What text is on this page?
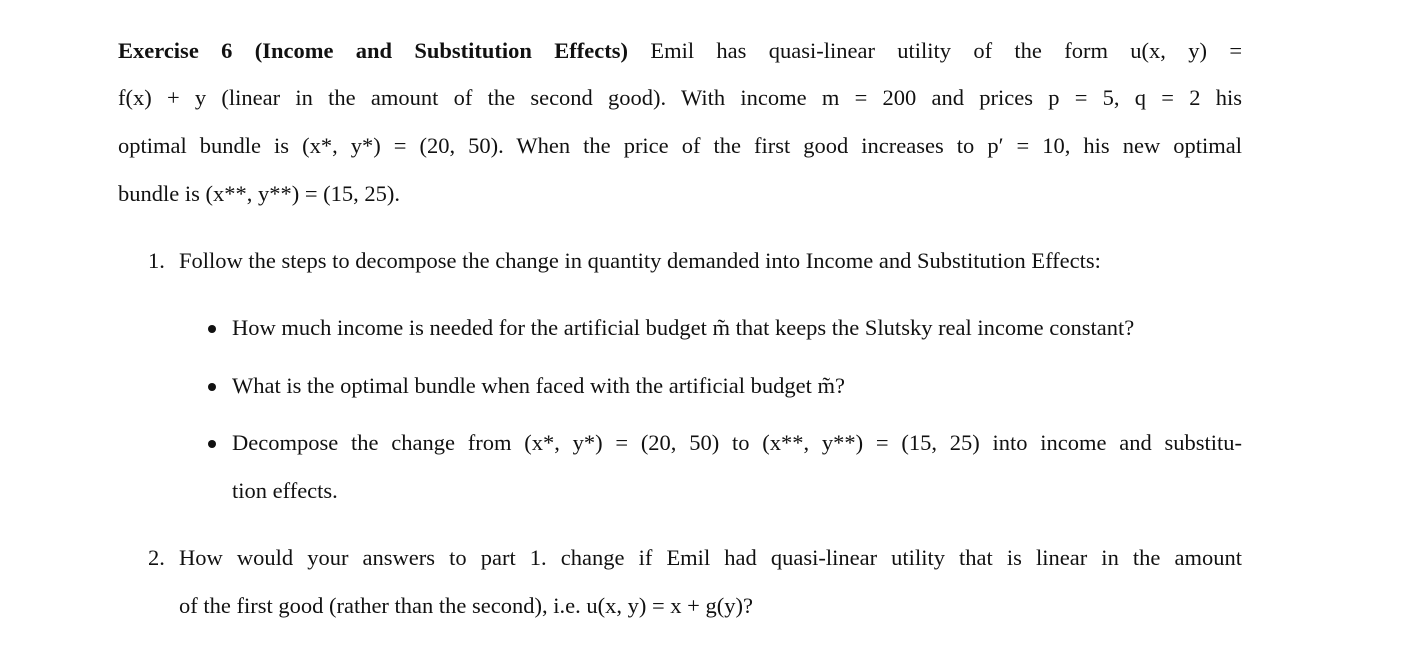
Exercise 6 (Income and Substitution Effects) Emil has quasi-linear utility of the form u(x, y) =
f(x) + y (linear in the amount of the second good). With income m = 200 and prices p = 5, q = 2 his
optimal bundle is (x*, y*) = (20, 50). When the price of the first good increases to p′ = 10, his new optimal
bundle is (x**, y**) = (15, 25).
1. Follow the steps to decompose the change in quantity demanded into Income and Substitution Effects:
How much income is needed for the artificial budget m̃ that keeps the Slutsky real income constant?
What is the optimal bundle when faced with the artificial budget m̃?
Decompose the change from (x*, y*) = (20, 50) to (x**, y**) = (15, 25) into income and substitu-
tion effects.
2. How would your answers to part 1. change if Emil had quasi-linear utility that is linear in the amount
of the first good (rather than the second), i.e. u(x, y) = x + g(y)?
